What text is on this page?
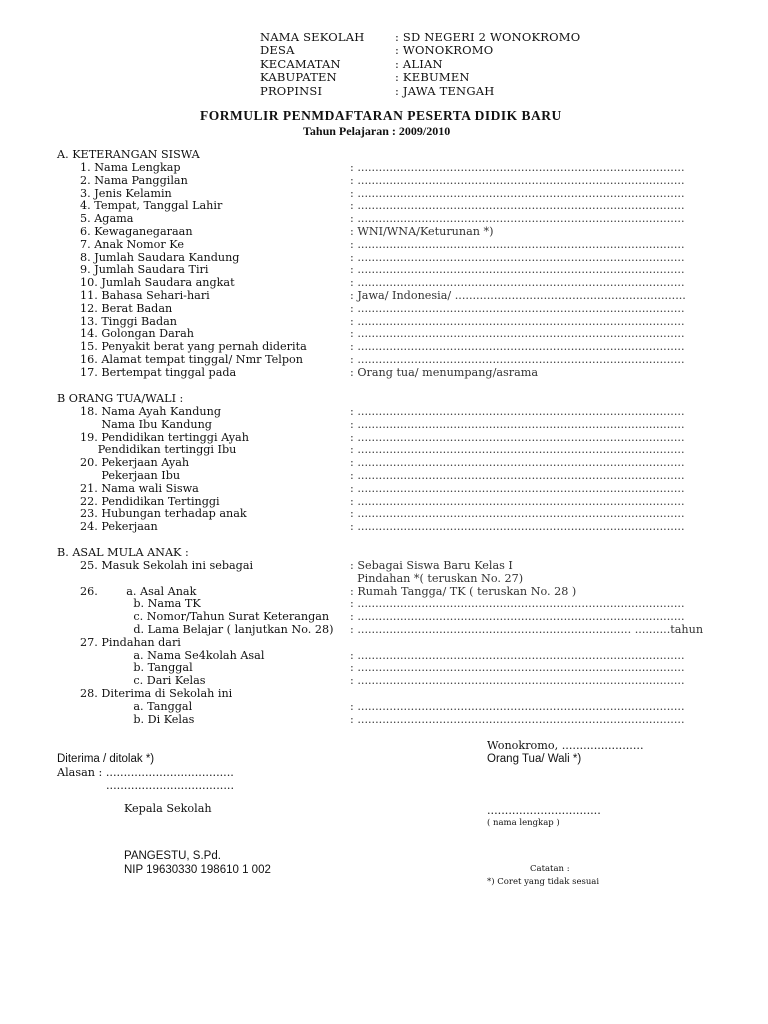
NAMA SEKOLAH	: SD NEGERI 2 WONOKROMO
DESA	: WONOKROMO
KECAMATAN	: ALIAN
KABUPATEN	: KEBUMEN
PROPINSI	: JAWA TENGAH
FORMULIR PENMDAFTARAN PESERTA DIDIK BARU
Tahun Pelajaran : 2009/2010
A. KETERANGAN SISWA
1. Nama Lengkap	: ............................................................................................
2. Nama Panggilan	: ............................................................................................
3. Jenis Kelamin	: ............................................................................................
4. Tempat, Tanggal Lahir	: ............................................................................................
5. Agama	: ............................................................................................
6. Kewaganegaraan	: WNI/WNA/Keturunan *)
7. Anak Nomor Ke	: ............................................................................................
8. Jumlah Saudara Kandung	: ............................................................................................
9. Jumlah Saudara Tiri	: ............................................................................................
10. Jumlah Saudara angkat	: ............................................................................................
11. Bahasa Sehari-hari	: Jawa/ Indonesia/ .................................................................
12. Berat Badan	: ............................................................................................
13. Tinggi Badan	: ............................................................................................
14. Golongan Darah	: ............................................................................................
15. Penyakit berat yang pernah diderita	: ............................................................................................
16. Alamat tempat tinggal/ Nmr Telpon	: ............................................................................................
17. Bertempat tinggal pada	: Orang tua/ menumpang/asrama
B ORANG TUA/WALI :
18. Nama Ayah Kandung	: ............................................................................................
Nama Ibu Kandung	: ............................................................................................
19. Pendidikan tertinggi Ayah	: ............................................................................................
Pendidikan tertinggi Ibu	: ............................................................................................
20. Pekerjaan Ayah	: ............................................................................................
Pekerjaan Ibu	: ............................................................................................
21. Nama wali Siswa	: ............................................................................................
22. Pendidikan Tertinggi	: ............................................................................................
23. Hubungan terhadap anak	: ............................................................................................
24. Pekerjaan	: ............................................................................................
B. ASAL MULA ANAK :
25. Masuk Sekolah ini sebagai	: Sebagai Siswa Baru Kelas I
Pindahan *( teruskan No. 27)
26.        a. Asal Anak	: Rumah Tangga/ TK ( teruskan No. 28 )
b. Nama TK	: ............................................................................................
c. Nomor/Tahun Surat Keterangan : ............................................................................................
d. Lama Belajar ( lanjutkan No. 28) : ............................................................................. ..........tahun
27. Pindahan dari
a. Nama Se4kolah Asal	: ............................................................................................
b. Tanggal	: ............................................................................................
c. Dari Kelas	: ............................................................................................
28. Diterima di Sekolah ini
a. Tanggal	: ............................................................................................
b. Di Kelas	: ............................................................................................
Wonokromo, .......................
Diterima / ditolak *)	Orang Tua/ Wali *)
Alasan : ....................................
....................................
Kepala Sekolah	................................
( nama lengkap )
PANGESTU, S.Pd.
NIP 19630330 198610 1 002	Catatan :
*) Coret yang tidak sesuai
